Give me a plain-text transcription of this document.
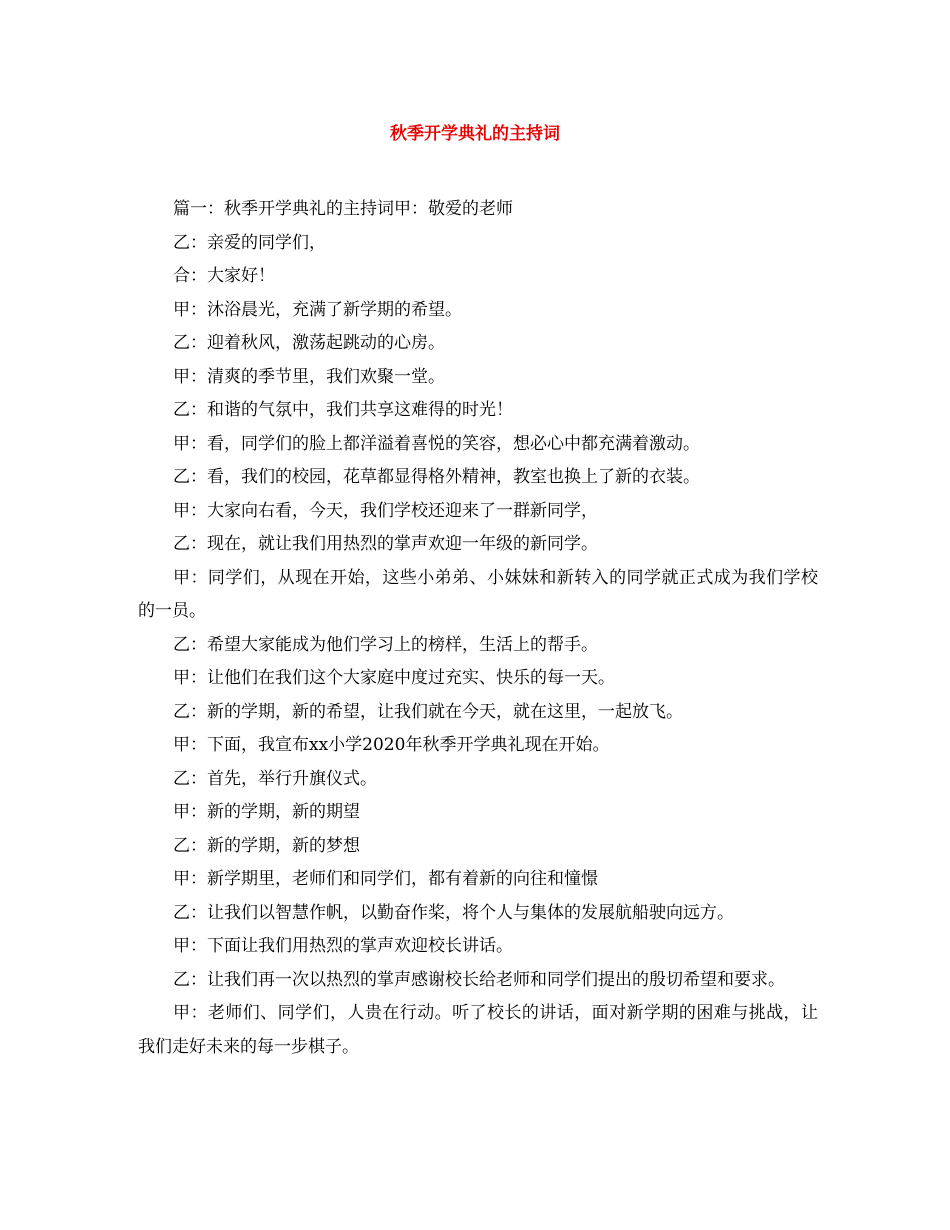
秋季开学典礼的主持词

篇一：秋季开学典礼的主持词甲：敬爱的老师

乙：亲爱的同学们，

合：大家好！

甲：沐浴晨光，充满了新学期的希望。

乙：迎着秋风，激荡起跳动的心房。

甲：清爽的季节里，我们欢聚一堂。

乙：和谐的气氛中，我们共享这难得的时光！

甲：看，同学们的脸上都洋溢着喜悦的笑容，想必心中都充满着激动。

乙：看，我们的校园，花草都显得格外精神，教室也换上了新的衣装。

甲：大家向右看，今天，我们学校还迎来了一群新同学，

乙：现在，就让我们用热烈的掌声欢迎一年级的新同学。

甲：同学们，从现在开始，这些小弟弟、小妹妹和新转入的同学就正式成为我们学校的一员。

乙：希望大家能成为他们学习上的榜样，生活上的帮手。

甲：让他们在我们这个大家庭中度过充实、快乐的每一天。

乙：新的学期，新的希望，让我们就在今天，就在这里，一起放飞。

甲：下面，我宣布xx小学2020年秋季开学典礼现在开始。

乙：首先，举行升旗仪式。

甲：新的学期，新的期望

乙：新的学期，新的梦想

甲：新学期里，老师们和同学们，都有着新的向往和憧憬

乙：让我们以智慧作帆，以勤奋作桨，将个人与集体的发展航船驶向远方。

甲：下面让我们用热烈的掌声欢迎校长讲话。

乙：让我们再一次以热烈的掌声感谢校长给老师和同学们提出的殷切希望和要求。

甲：老师们、同学们，人贵在行动。听了校长的讲话，面对新学期的困难与挑战，让我们走好未来的每一步棋子。
